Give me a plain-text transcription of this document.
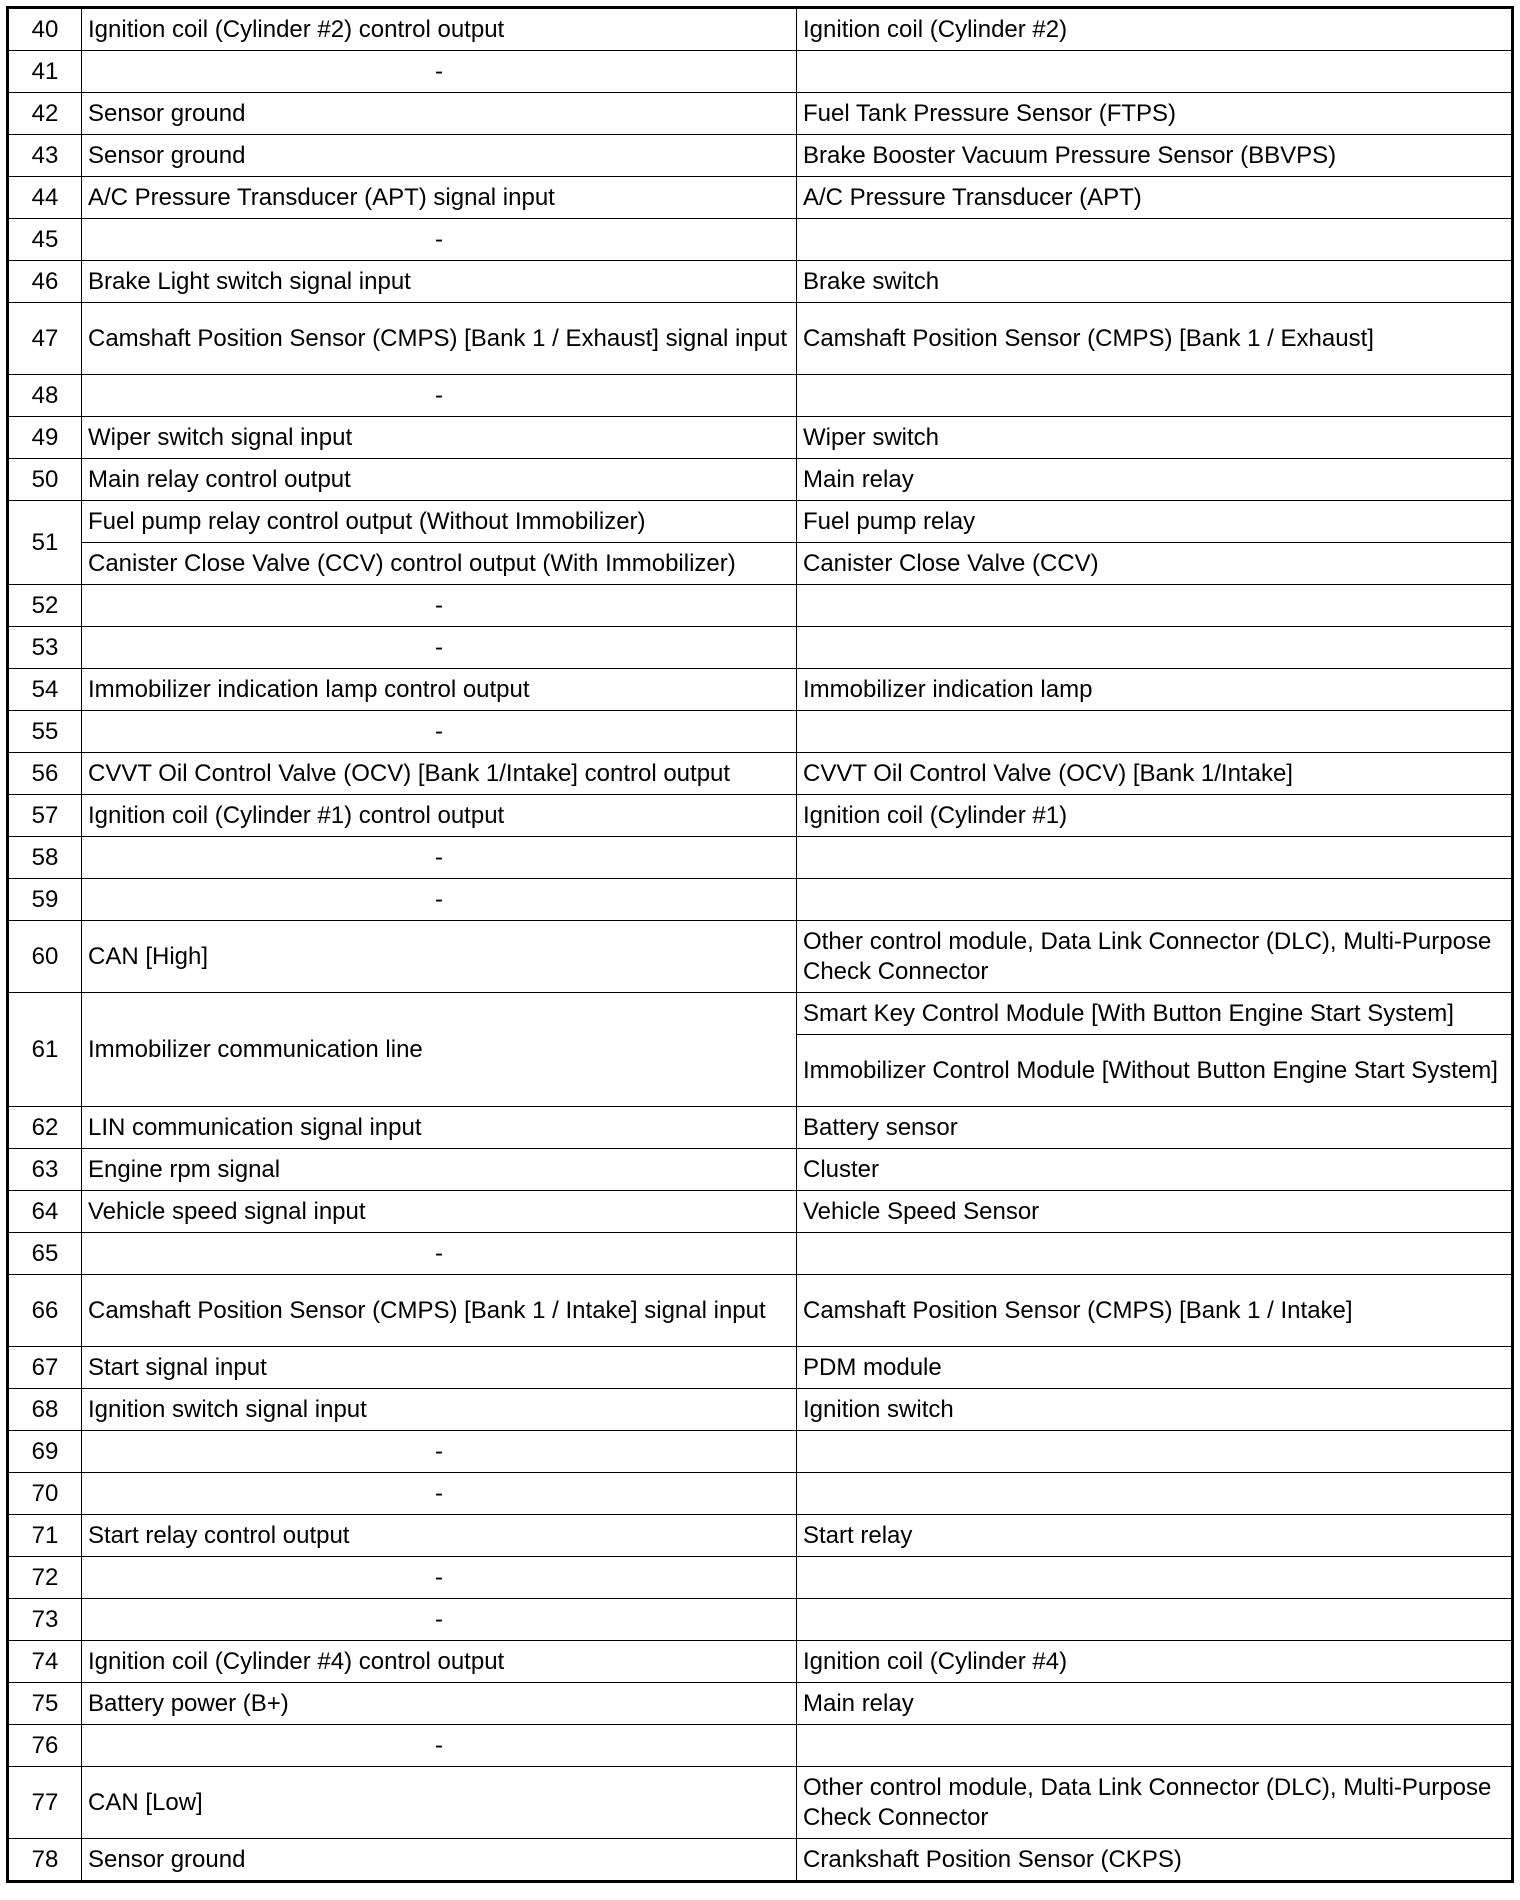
40	Ignition coil (Cylinder #2) control output	Ignition coil (Cylinder #2)
41	-	
42	Sensor ground	Fuel Tank Pressure Sensor (FTPS)
43	Sensor ground	Brake Booster Vacuum Pressure Sensor (BBVPS)
44	A/C Pressure Transducer (APT) signal input	A/C Pressure Transducer (APT)
45	-	
46	Brake Light switch signal input	Brake switch
47	Camshaft Position Sensor (CMPS) [Bank 1 / Exhaust] signal input	Camshaft Position Sensor (CMPS) [Bank 1 / Exhaust]
48	-	
49	Wiper switch signal input	Wiper switch
50	Main relay control output	Main relay
51	Fuel pump relay control output (Without Immobilizer)	Fuel pump relay
	Canister Close Valve (CCV) control output (With Immobilizer)	Canister Close Valve (CCV)
52	-	
53	-	
54	Immobilizer indication lamp control output	Immobilizer indication lamp
55	-	
56	CVVT Oil Control Valve (OCV) [Bank 1/Intake] control output	CVVT Oil Control Valve (OCV) [Bank 1/Intake]
57	Ignition coil (Cylinder #1) control output	Ignition coil (Cylinder #1)
58	-	
59	-	
60	CAN [High]	Other control module, Data Link Connector (DLC), Multi-Purpose Check Connector
61	Immobilizer communication line	Smart Key Control Module [With Button Engine Start System]
		Immobilizer Control Module [Without Button Engine Start System]
62	LIN communication signal input	Battery sensor
63	Engine rpm signal	Cluster
64	Vehicle speed signal input	Vehicle Speed Sensor
65	-	
66	Camshaft Position Sensor (CMPS) [Bank 1 / Intake] signal input	Camshaft Position Sensor (CMPS) [Bank 1 / Intake]
67	Start signal input	PDM module
68	Ignition switch signal input	Ignition switch
69	-	
70	-	
71	Start relay control output	Start relay
72	-	
73	-	
74	Ignition coil (Cylinder #4) control output	Ignition coil (Cylinder #4)
75	Battery power (B+)	Main relay
76	-	
77	CAN [Low]	Other control module, Data Link Connector (DLC), Multi-Purpose Check Connector
78	Sensor ground	Crankshaft Position Sensor (CKPS)
